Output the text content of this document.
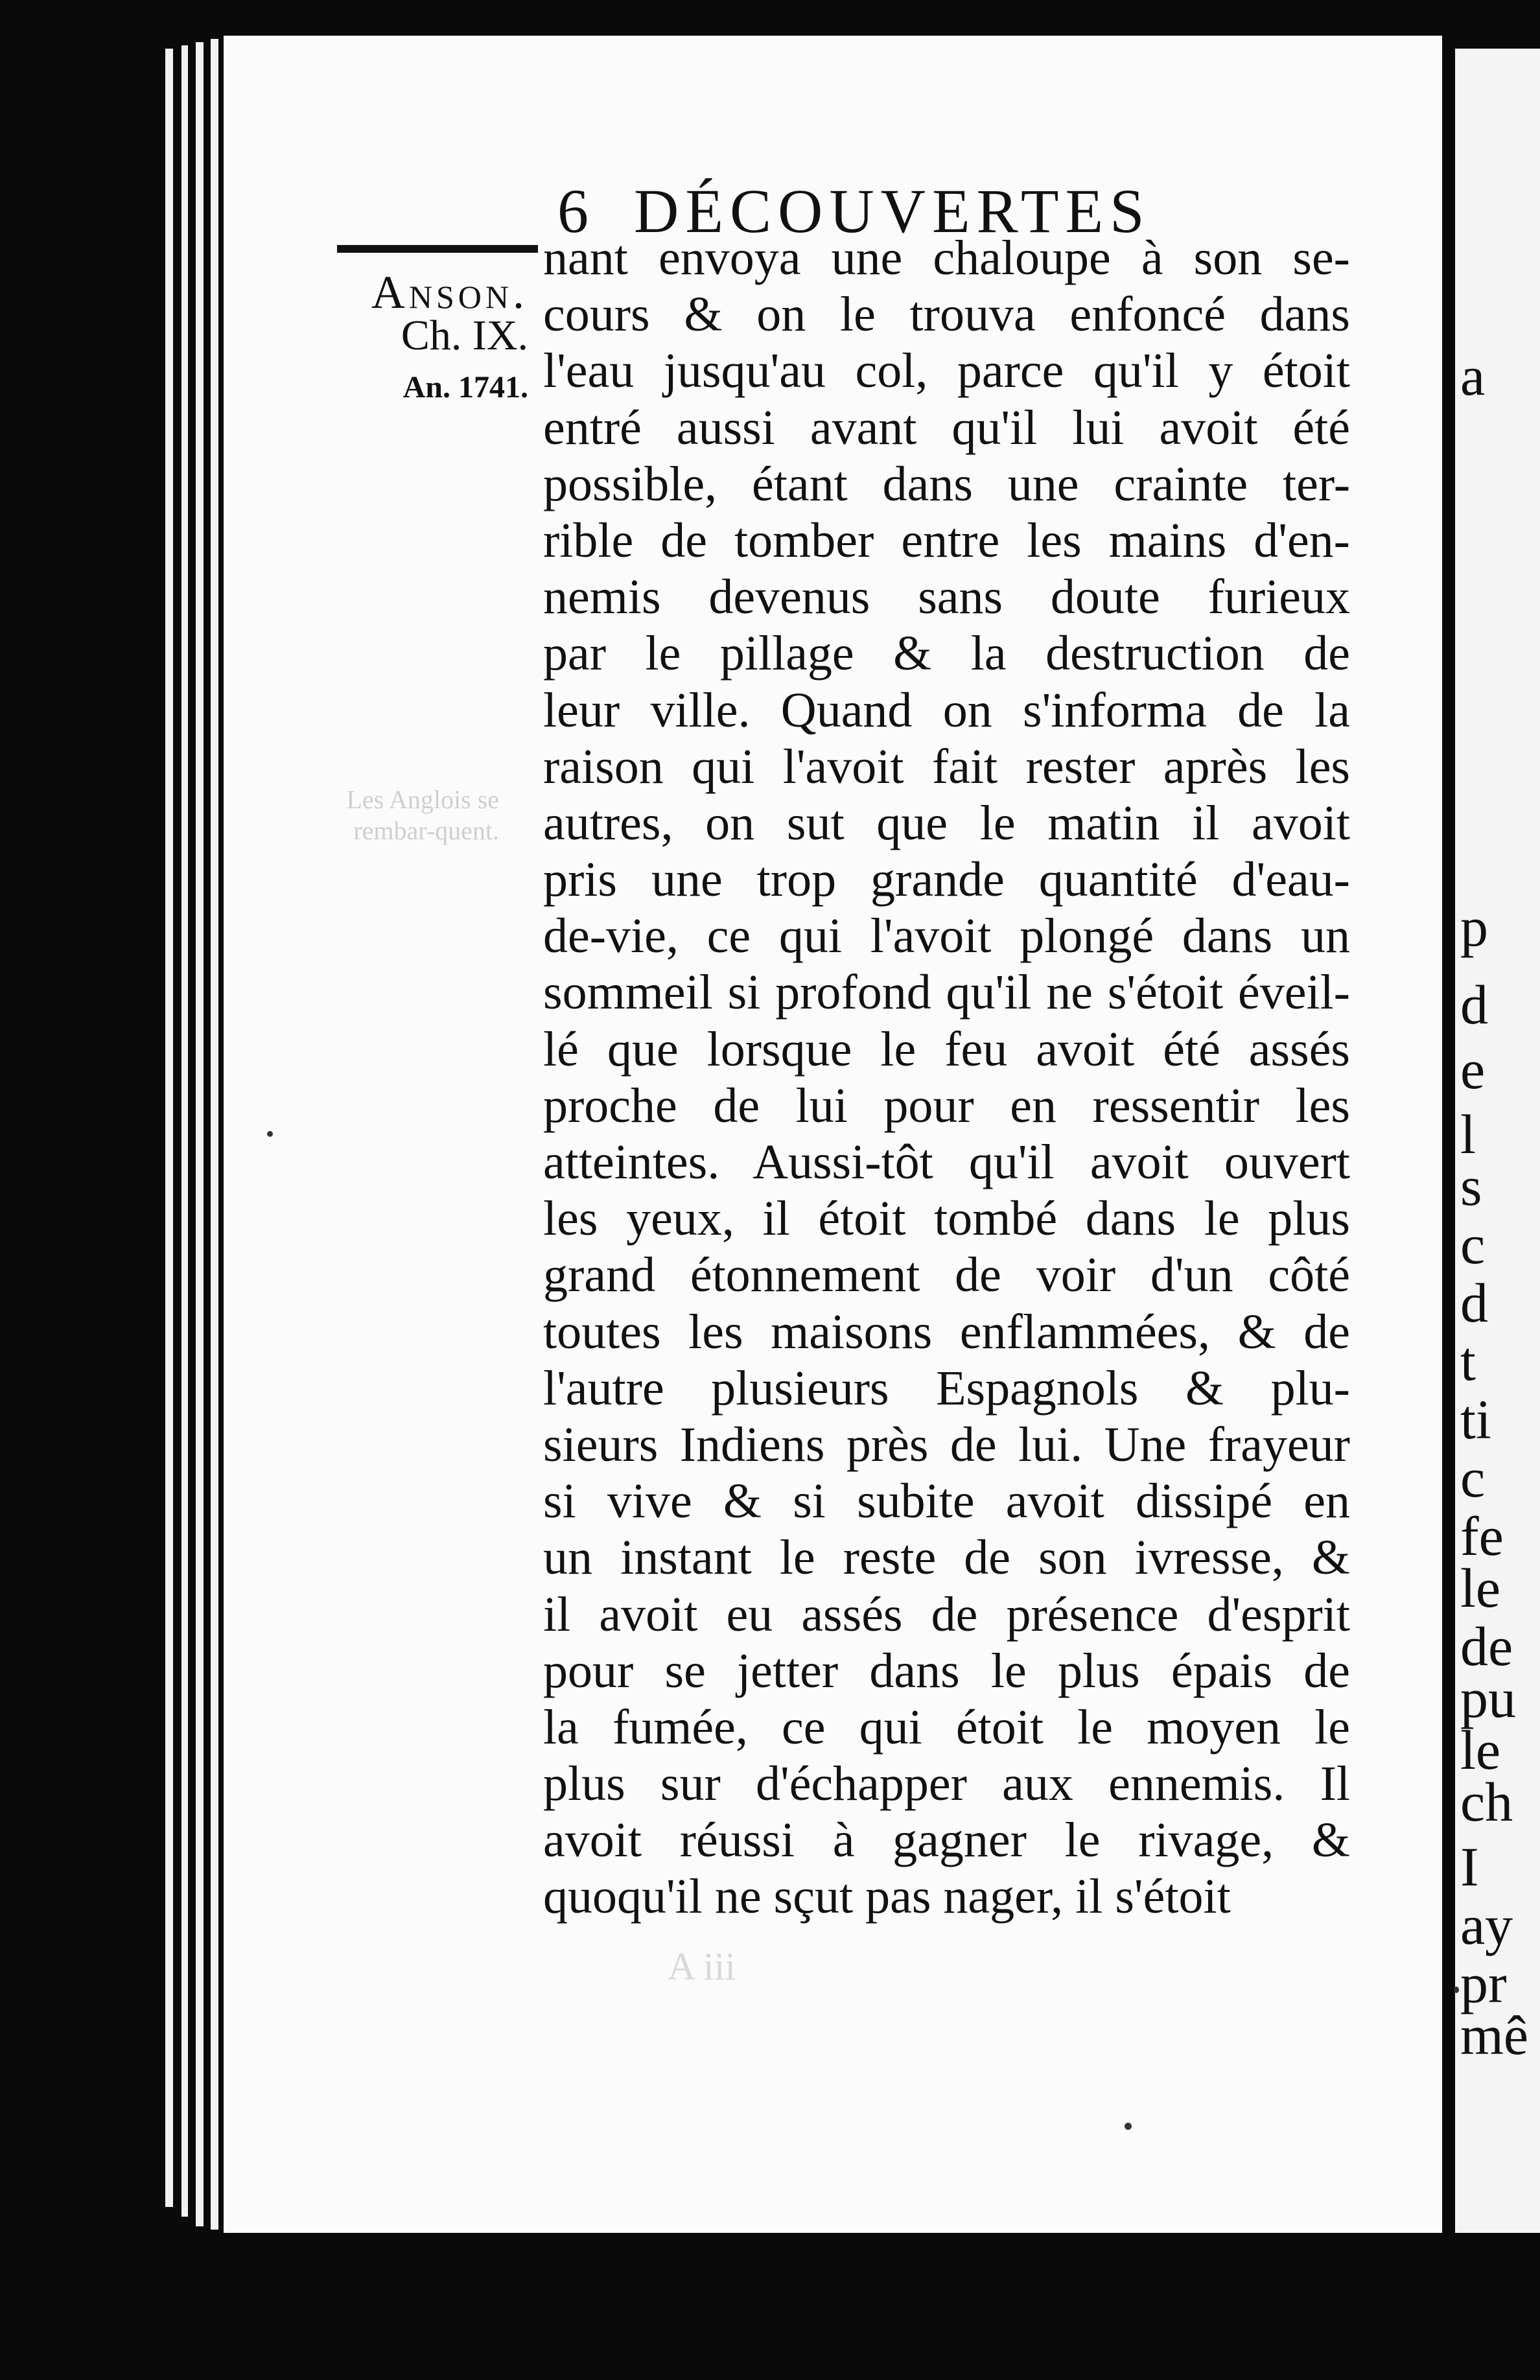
a
p
d
e
l
s
c
d
t
ti
c
fe
le
de
pu
le
ch
I
ay
pr
mê
6 DÉCOUVERTES
Anson.
Ch. IX.
An. 1741.
Les Anglois se rembar-quent.
A iii
nant envoya une chaloupe à son se-
cours & on le trouva enfoncé dans
l'eau jusqu'au col, parce qu'il y étoit
entré aussi avant qu'il lui avoit été
possible, étant dans une crainte ter-
rible de tomber entre les mains d'en-
nemis devenus sans doute furieux
par le pillage & la destruction de
leur ville. Quand on s'informa de la
raison qui l'avoit fait rester après les
autres, on sut que le matin il avoit
pris une trop grande quantité d'eau-
de-vie, ce qui l'avoit plongé dans un
sommeil si profond qu'il ne s'étoit éveil-
lé que lorsque le feu avoit été assés
proche de lui pour en ressentir les
atteintes. Aussi-tôt qu'il avoit ouvert
les yeux, il étoit tombé dans le plus
grand étonnement de voir d'un côté
toutes les maisons enflammées, & de
l'autre plusieurs Espagnols & plu-
sieurs Indiens près de lui. Une frayeur
si vive & si subite avoit dissipé en
un instant le reste de son ivresse, &
il avoit eu assés de présence d'esprit
pour se jetter dans le plus épais de
la fumée, ce qui étoit le moyen le
plus sur d'échapper aux ennemis. Il
avoit réussi à gagner le rivage, &
quoqu'il ne sçut pas nager, il s'étoit
